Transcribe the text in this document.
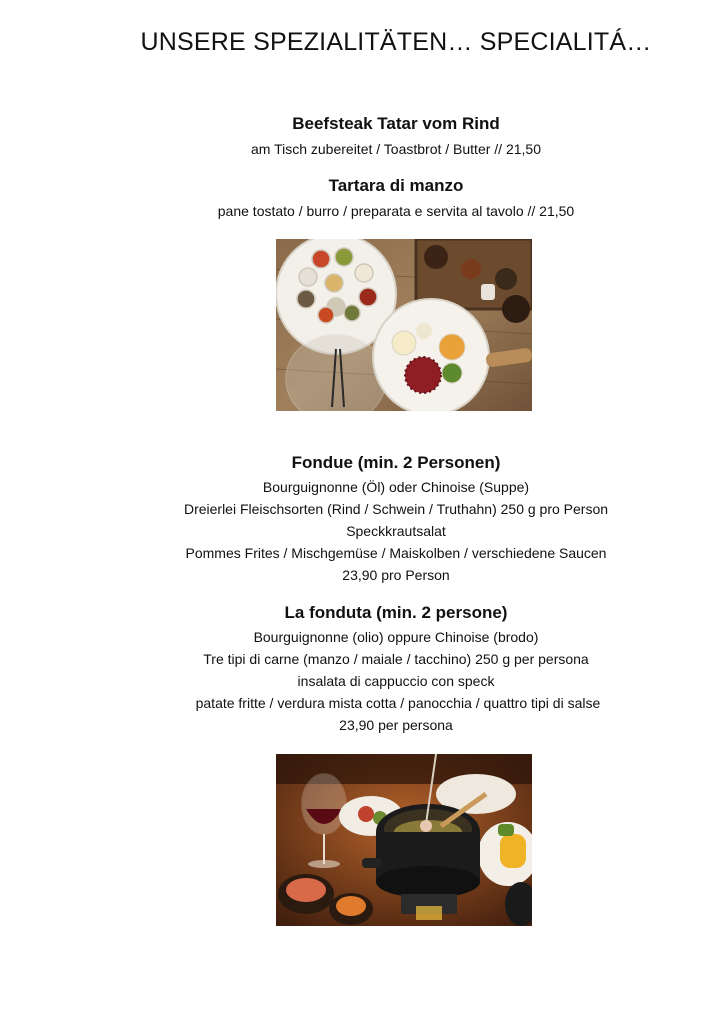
UNSERE SPEZIALITÄTEN… SPECIALITÁ…

Beefsteak Tatar vom Rind

am Tisch zubereitet / Toastbrot / Butter // 21,50

Tartara di manzo

pane tostato / burro / preparata e servita al tavolo // 21,50

Fondue (min. 2 Personen)

Bourguignonne (Öl) oder Chinoise (Suppe)

Dreierlei Fleischsorten (Rind / Schwein / Truthahn) 250 g pro Person

Speckkrautsalat

Pommes Frites / Mischgemüse / Maiskolben / verschiedene Saucen

23,90 pro Person

La fonduta (min. 2 persone)

Bourguignonne (olio) oppure Chinoise (brodo)

Tre tipi di carne (manzo / maiale / tacchino) 250 g per persona

insalata di cappuccio con speck

patate fritte / verdura mista cotta / panocchia / quattro tipi di salse

23,90 per persona
